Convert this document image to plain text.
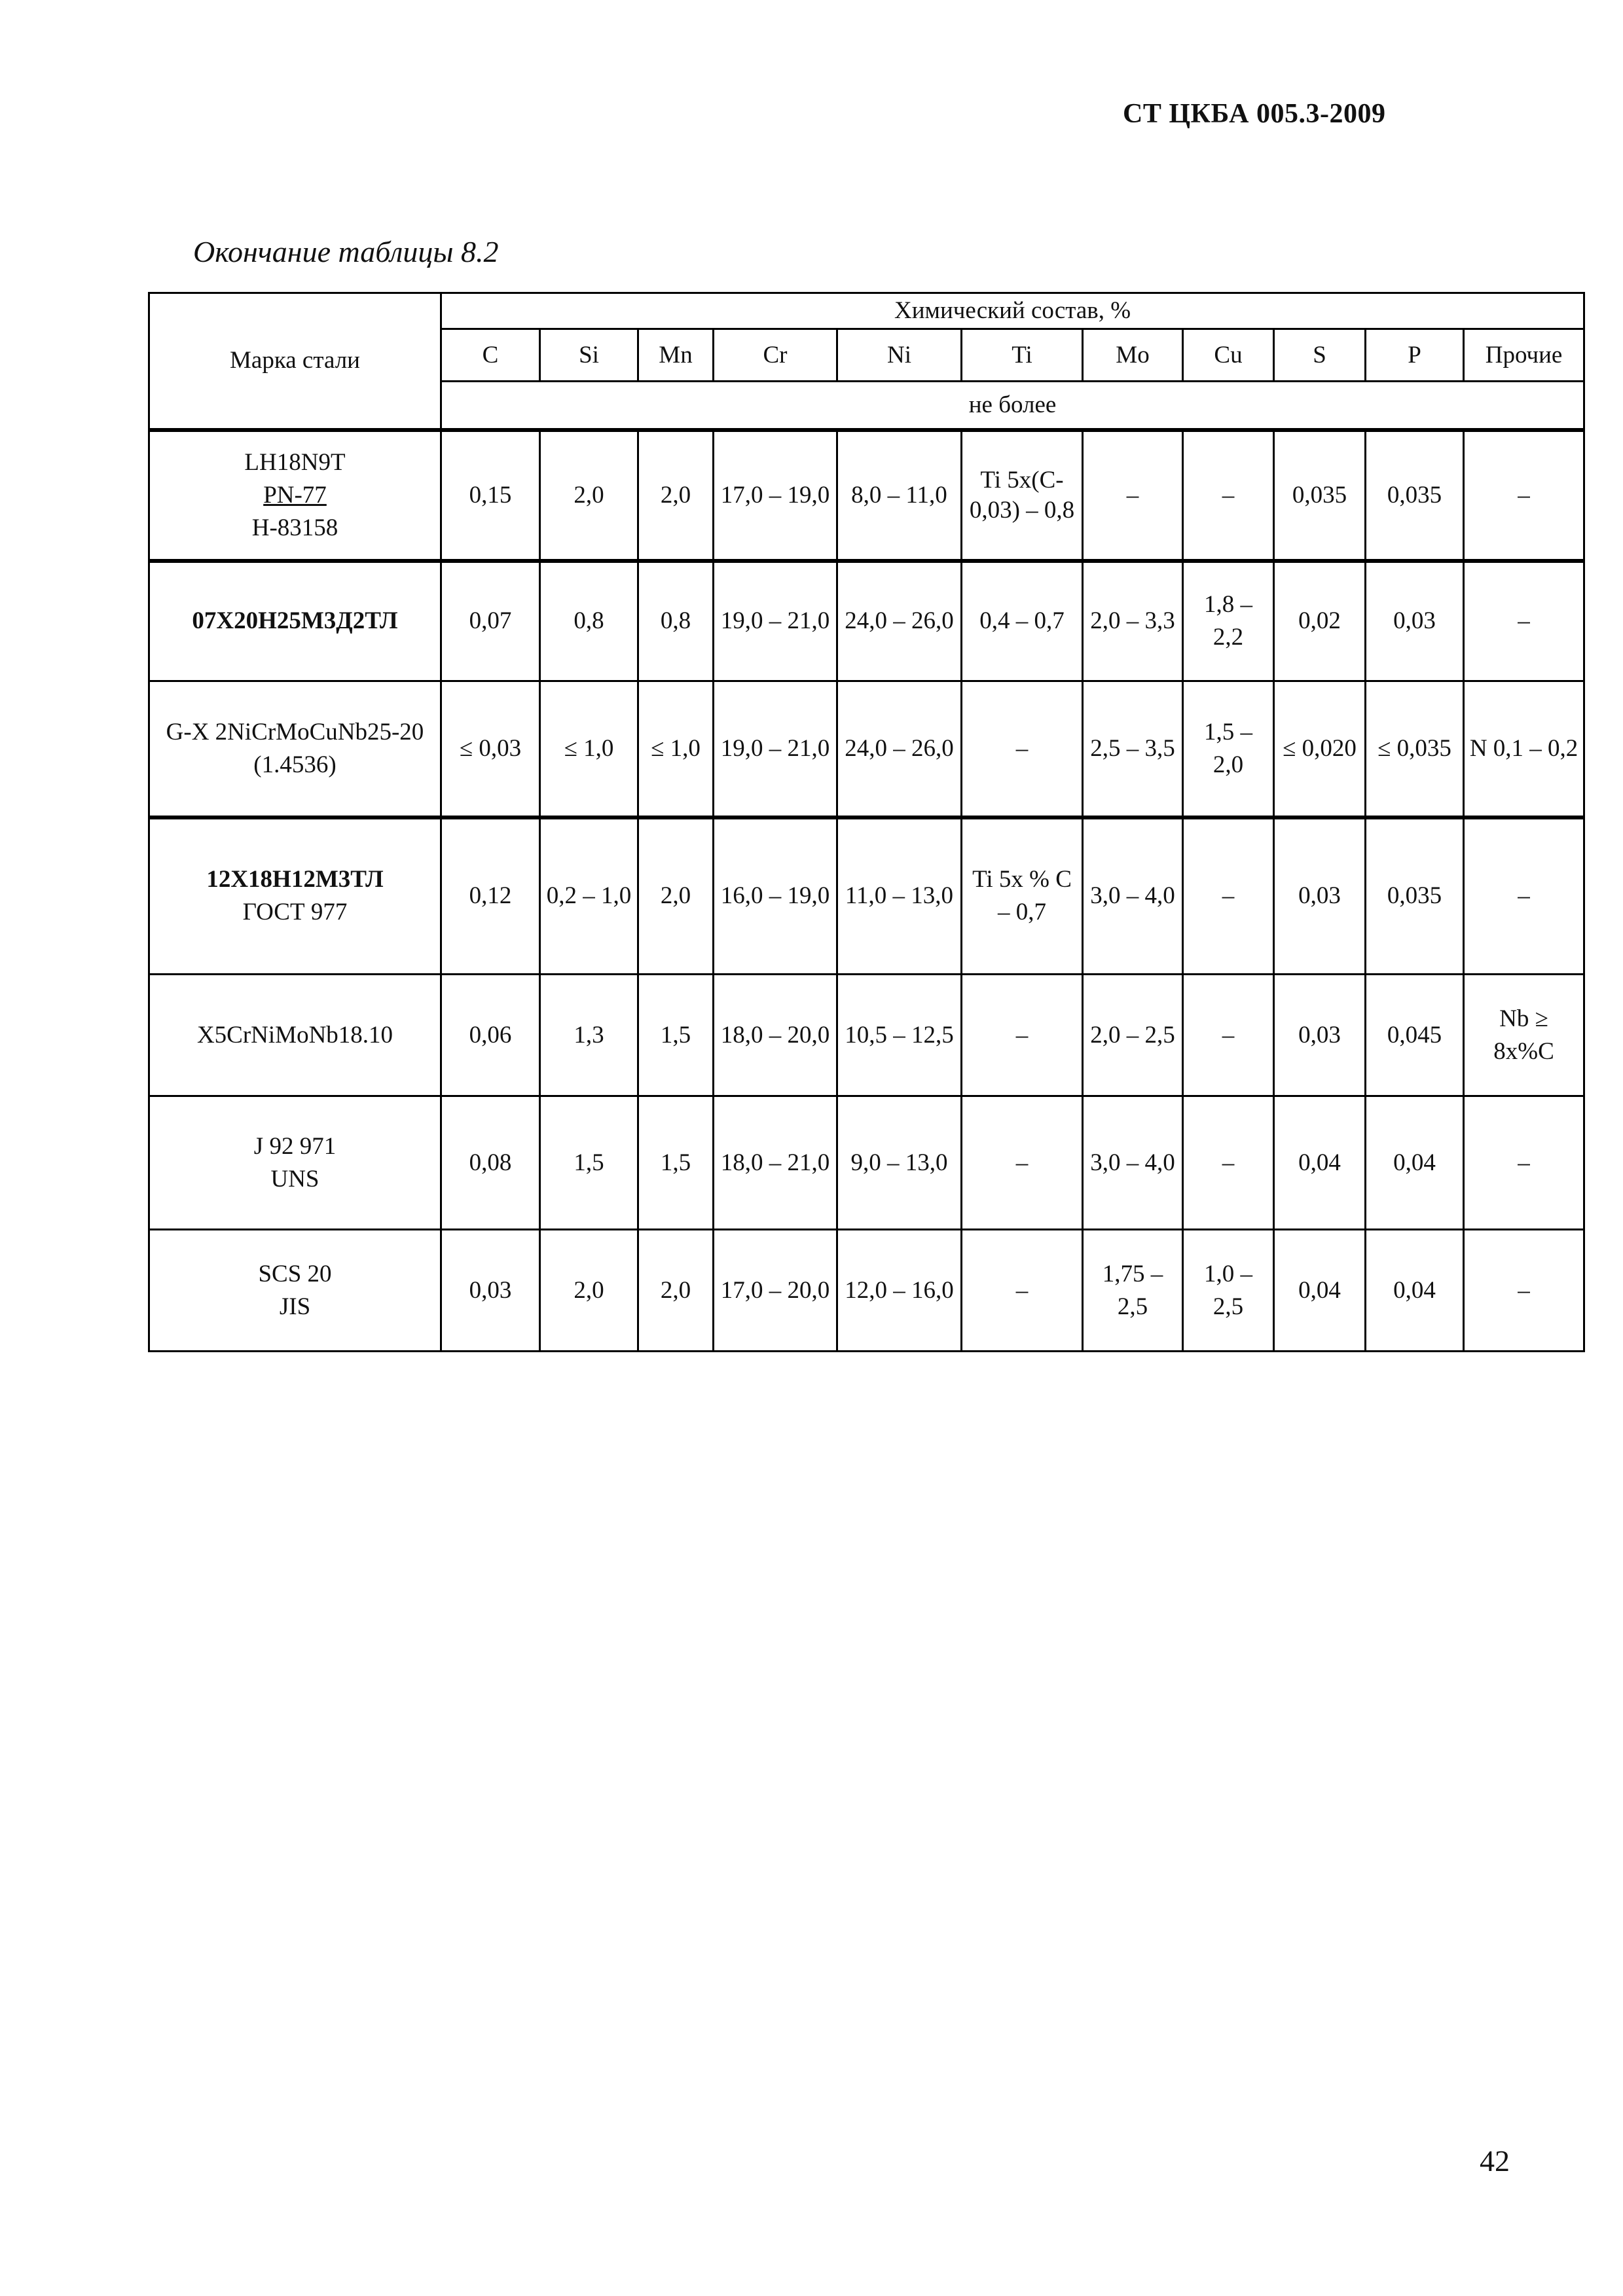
СТ ЦКБА 005.3-2009
Окончание таблицы 8.2
Марка стали	Химический состав, %										
	C	Si	Mn	Cr	Ni	Ti	Mo	Cu	S	P	Прочие
	не более										

LH18N9T
PN-77
H-83158	0,15	2,0	2,0	17,0 – 19,0	8,0 – 11,0	Ti 5x(C-0,03) – 0,8	–	–	0,035	0,035	–

07Х20Н25М3Д2ТЛ	0,07	0,8	0,8	19,0 – 21,0	24,0 – 26,0	0,4 – 0,7	2,0 – 3,3	1,8 – 2,2	0,02	0,03	–

G-X 2NiCrMoCuNb25-20
(1.4536)	≤ 0,03	≤ 1,0	≤ 1,0	19,0 – 21,0	24,0 – 26,0	–	2,5 – 3,5	1,5 – 2,0	≤ 0,020	≤ 0,035	N 0,1 – 0,2

12Х18Н12М3ТЛ
ГОСТ 977	0,12	0,2 – 1,0	2,0	16,0 – 19,0	11,0 – 13,0	Ti 5x % C – 0,7	3,0 – 4,0	–	0,03	0,035	–

X5CrNiMoNb18.10	0,06	1,3	1,5	18,0 – 20,0	10,5 – 12,5	–	2,0 – 2,5	–	0,03	0,045	Nb ≥ 8x%C

J 92 971
UNS	0,08	1,5	1,5	18,0 – 21,0	9,0 – 13,0	–	3,0 – 4,0	–	0,04	0,04	–

SCS 20
JIS	0,03	2,0	2,0	17,0 – 20,0	12,0 – 16,0	–	1,75 – 2,5	1,0 – 2,5	0,04	0,04	–
42
